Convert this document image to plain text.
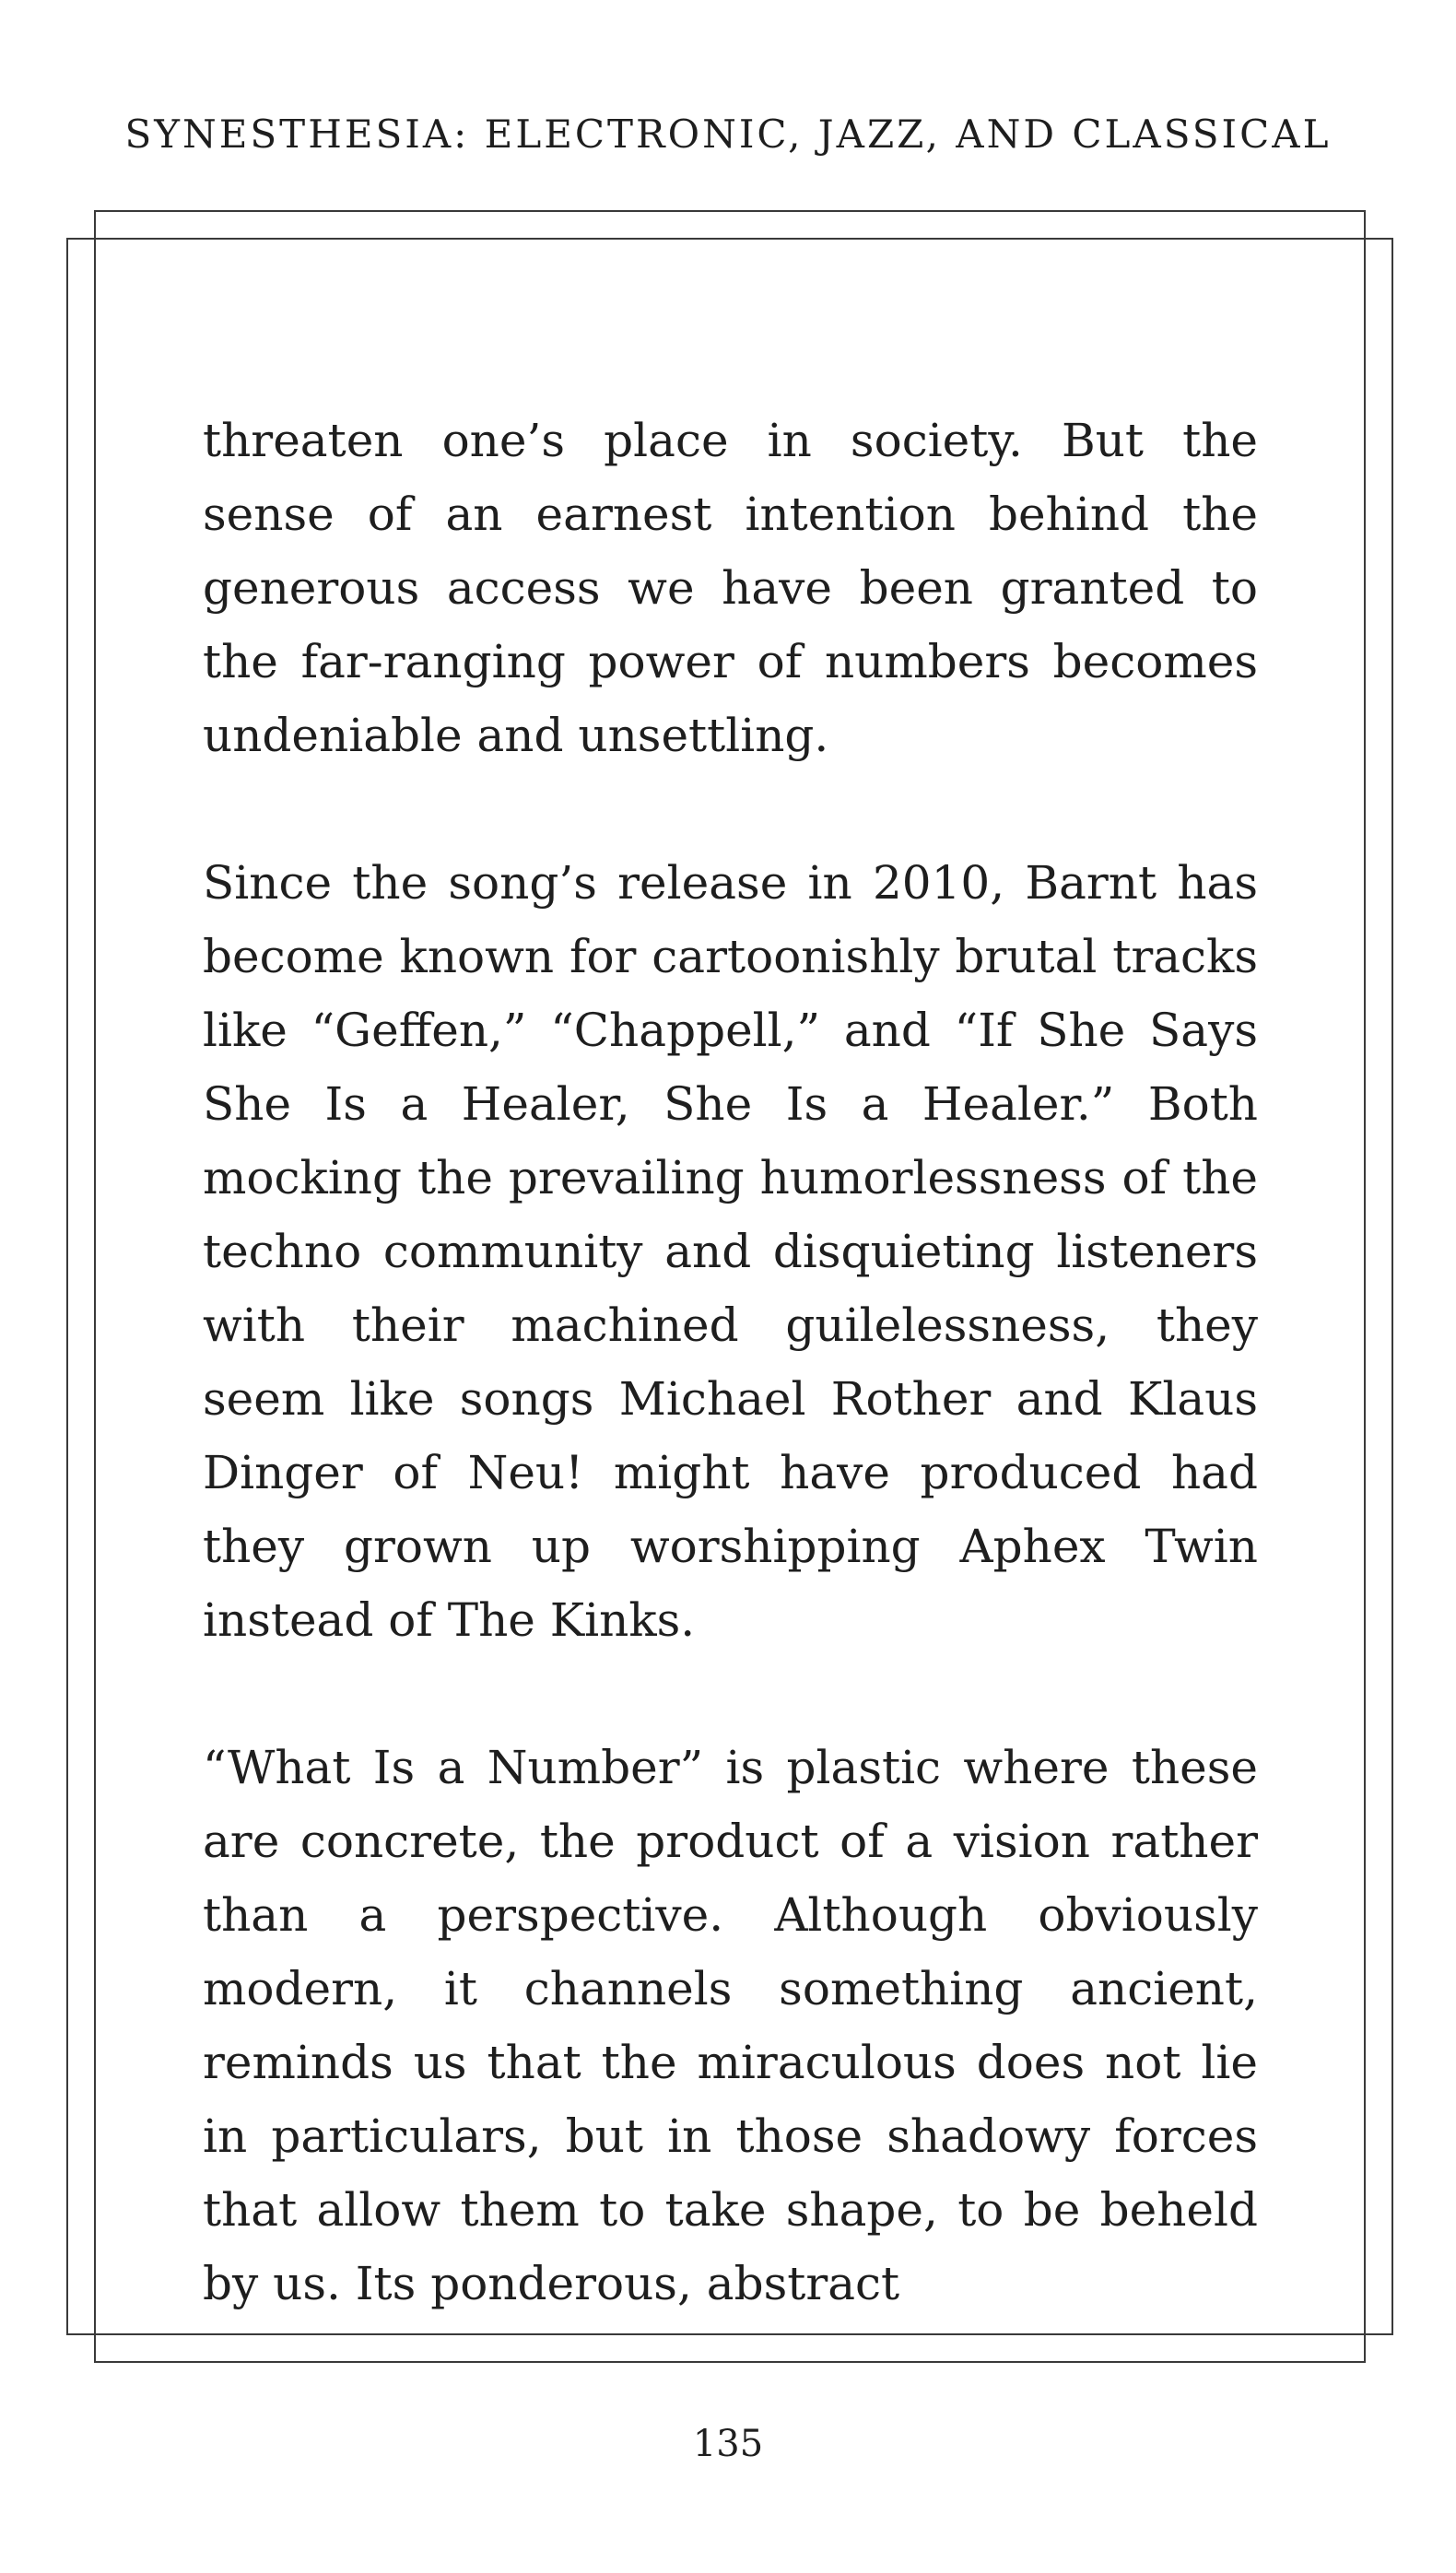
SYNESTHESIA: ELECTRONIC, JAZZ, AND CLASSICAL

threaten one’s place in society. But the sense of an earnest intention behind the generous access we have been granted to the far-ranging power of numbers becomes undeniable and unsettling.

Since the song’s release in 2010, Barnt has become known for cartoonishly brutal tracks like “Geffen,” “Chappell,” and “If She Says She Is a Healer, She Is a Healer.” Both mocking the prevailing humorlessness of the techno community and disquieting listeners with their machined guilelessness, they seem like songs Michael Rother and Klaus Dinger of Neu! might have produced had they grown up worshipping Aphex Twin instead of The Kinks.

“What Is a Number” is plastic where these are concrete, the product of a vision rather than a perspective. Although obviously modern, it channels something ancient, reminds us that the miraculous does not lie in particulars, but in those shadowy forces that allow them to take shape, to be beheld by us. Its ponderous, abstract

135
